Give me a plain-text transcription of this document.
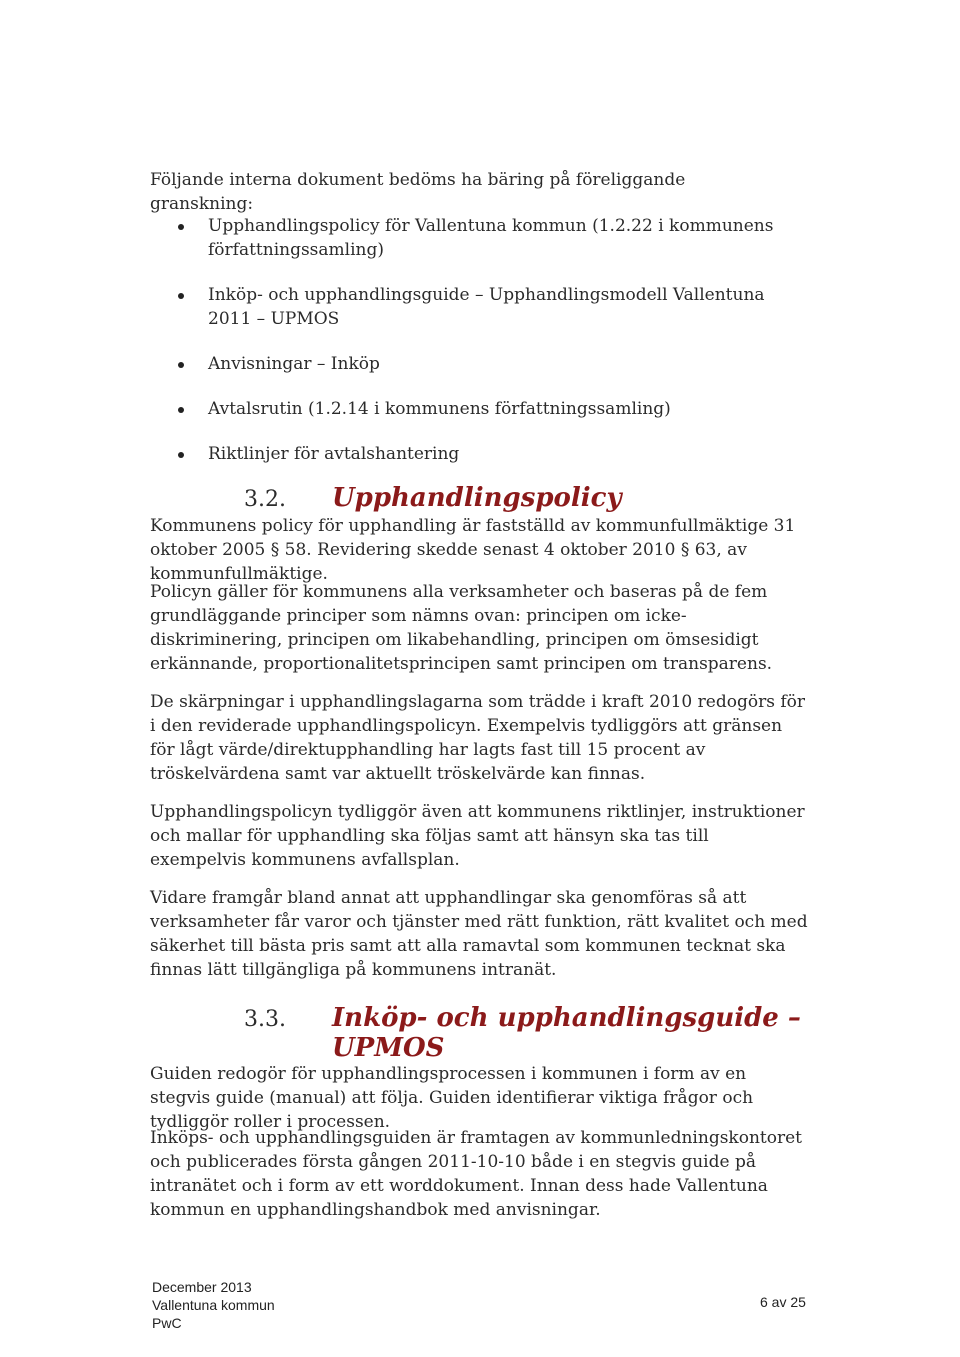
Följande interna dokument bedöms ha bäring på föreliggande granskning:
Upphandlingspolicy för Vallentuna kommun (1.2.22 i kommunens författningssamling)
Inköp- och upphandlingsguide – Upphandlingsmodell Vallentuna 2011 – UPMOS
Anvisningar – Inköp
Avtalsrutin (1.2.14 i kommunens författningssamling)
Riktlinjer för avtalshantering
3.2. Upphandlingspolicy

Kommunens policy för upphandling är fastställd av kommunfullmäktige 31 oktober 2005 § 58. Revidering skedde senast 4 oktober 2010 § 63, av kommunfullmäktige.

Policyn gäller för kommunens alla verksamheter och baseras på de fem grundläggande principer som nämns ovan: principen om icke-diskriminering, principen om likabehandling, principen om ömsesidigt erkännande, proportionalitetsprincipen samt principen om transparens.

De skärpningar i upphandlingslagarna som trädde i kraft 2010 redogörs för i den reviderade upphandlingspolicyn. Exempelvis tydliggörs att gränsen för lågt värde/direktupphandling har lagts fast till 15 procent av tröskelvärdena samt var aktuellt tröskelvärde kan finnas.

Upphandlingspolicyn tydliggör även att kommunens riktlinjer, instruktioner och mallar för upphandling ska följas samt att hänsyn ska tas till exempelvis kommunens avfallsplan.

Vidare framgår bland annat att upphandlingar ska genomföras så att verksamheter får varor och tjänster med rätt funktion, rätt kvalitet och med säkerhet till bästa pris samt att alla ramavtal som kommunen tecknat ska finnas lätt tillgängliga på kommunens intranät.

3.3. Inköp- och upphandlingsguide –
UPMOS

Guiden redogör för upphandlingsprocessen i kommunen i form av en stegvis guide (manual) att följa. Guiden identifierar viktiga frågor och tydliggör roller i processen.

Inköps- och upphandlingsguiden är framtagen av kommunledningskontoret och publicerades första gången 2011-10-10 både i en stegvis guide på intranätet och i form av ett worddokument. Innan dess hade Vallentuna kommun en upphandlingshandbok med anvisningar.

December 2013
Vallentuna kommun
PwC
6 av 25
